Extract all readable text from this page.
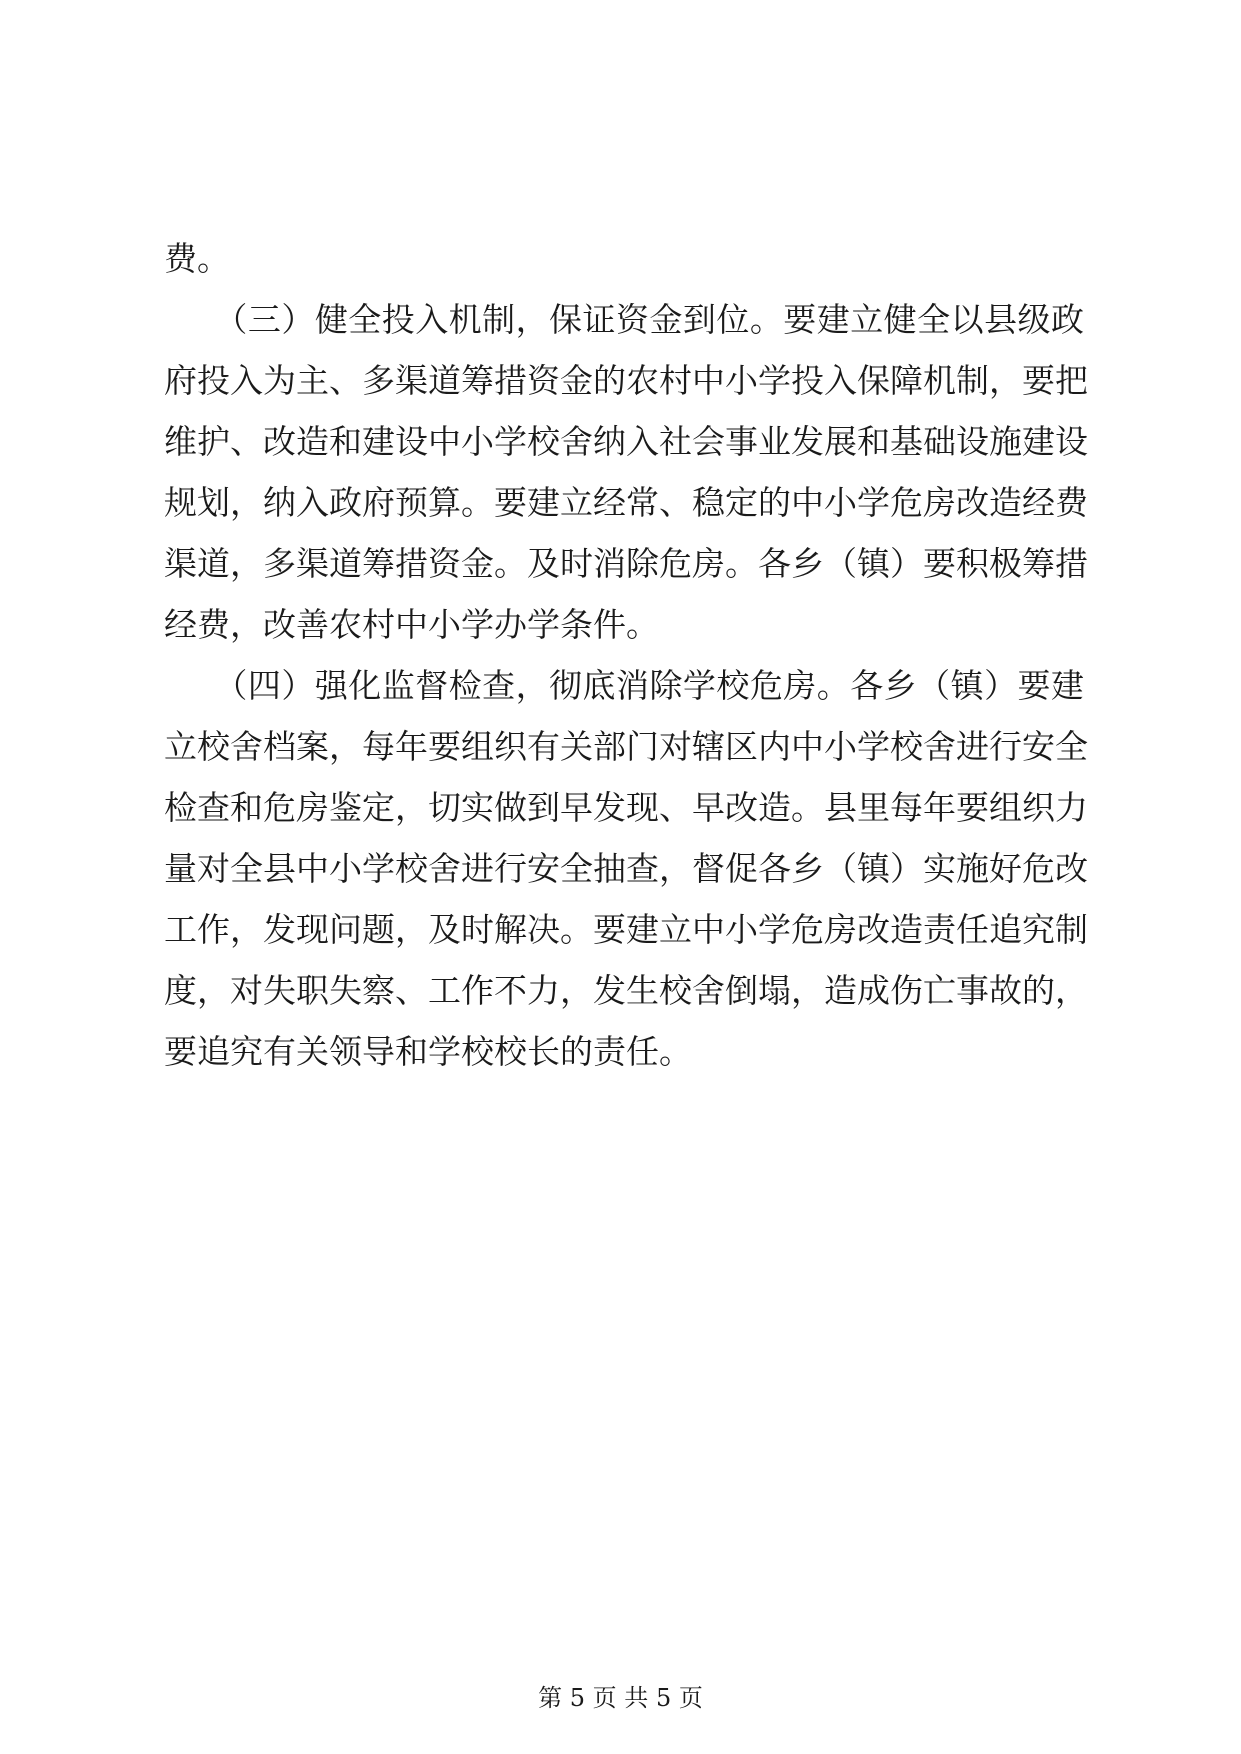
费。
　　（三）健全投入机制，保证资金到位。要建立健全以县级政
府投入为主、多渠道筹措资金的农村中小学投入保障机制，要把
维护、改造和建设中小学校舍纳入社会事业发展和基础设施建设
规划，纳入政府预算。要建立经常、稳定的中小学危房改造经费
渠道，多渠道筹措资金。及时消除危房。各乡（镇）要积极筹措
经费，改善农村中小学办学条件。
　　（四）强化监督检查，彻底消除学校危房。各乡（镇）要建
立校舍档案，每年要组织有关部门对辖区内中小学校舍进行安全
检查和危房鉴定，切实做到早发现、早改造。县里每年要组织力
量对全县中小学校舍进行安全抽查，督促各乡（镇）实施好危改
工作，发现问题，及时解决。要建立中小学危房改造责任追究制
度，对失职失察、工作不力，发生校舍倒塌，造成伤亡事故的，
要追究有关领导和学校校长的责任。
第 5 页 共 5 页
